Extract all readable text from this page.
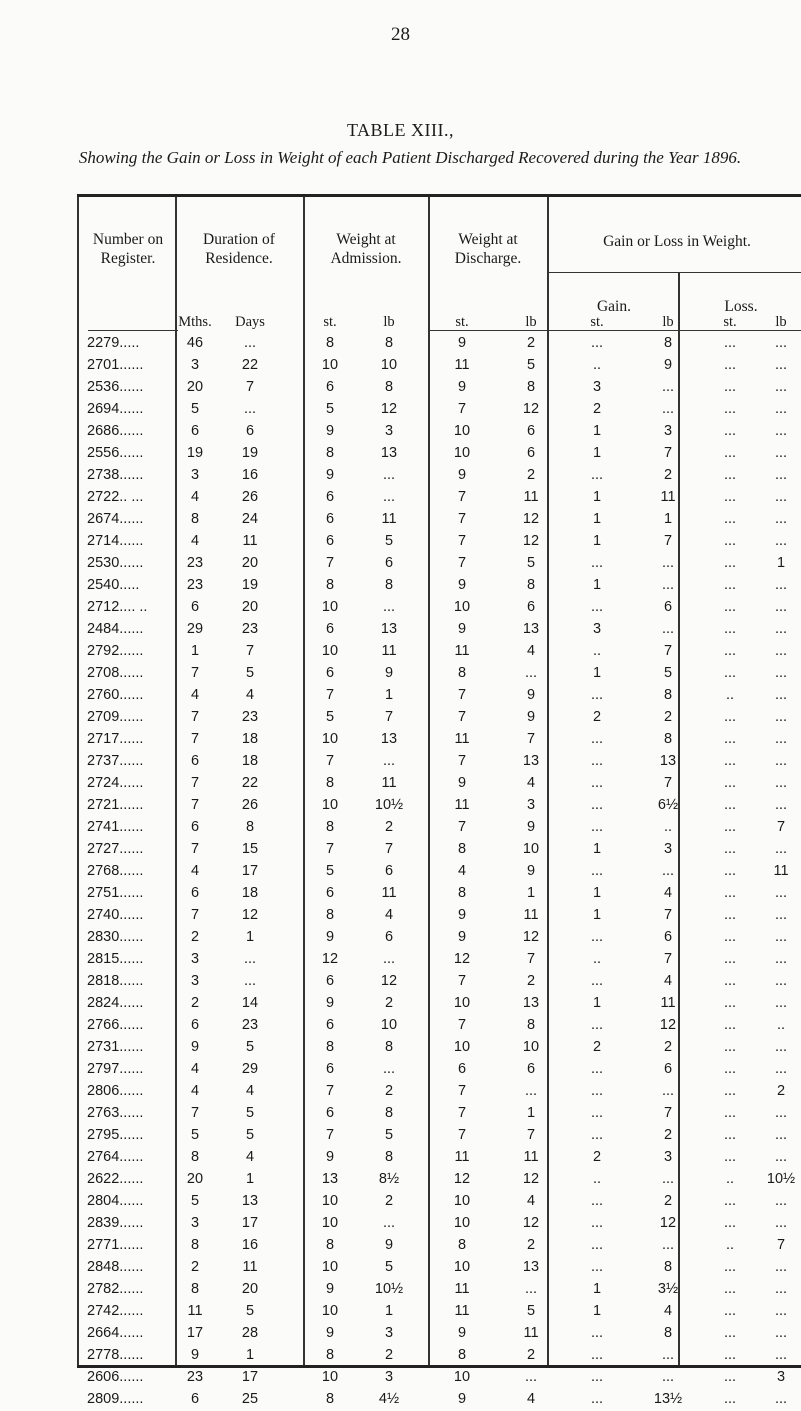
28
TABLE XIII.,
Showing the Gain or Loss in Weight of each Patient Discharged Recovered during the Year 1896.
Number on Register.
Duration of Residence.
Weight at Admission.
Weight at Discharge.
Gain or Loss in Weight.
Gain.	Loss.
Mths.	Days	st.	lb	st.	lb	st.	lb	st.	lb
2279.....	46	...	8	8	9	2	...	8	...	...
2701......	3	22	10	10	11	5	..	9	...	...
2536......	20	7	6	8	9	8	3	...	...	...
2694......	5	...	5	12	7	12	2	...	...	...
2686......	6	6	9	3	10	6	1	3	...	...
2556......	19	19	8	13	10	6	1	7	...	...
2738......	3	16	9	...	9	2	...	2	...	...
2722.. ...	4	26	6	...	7	11	1	11	...	...
2674......	8	24	6	11	7	12	1	1	...	...
2714......	4	11	6	5	7	12	1	7	...	...
2530......	23	20	7	6	7	5	...	...	...	1
2540.....	23	19	8	8	9	8	1	...	...	...
2712.... ..	6	20	10	...	10	6	...	6	...	...
2484......	29	23	6	13	9	13	3	...	...	...
2792......	1	7	10	11	11	4	..	7	...	...
2708......	7	5	6	9	8	...	1	5	...	...
2760......	4	4	7	1	7	9	...	8	..	...
2709......	7	23	5	7	7	9	2	2	...	...
2717......	7	18	10	13	11	7	...	8	...	...
2737......	6	18	7	...	7	13	...	13	...	...
2724......	7	22	8	11	9	4	...	7	...	...
2721......	7	26	10	10½	11	3	...	6½	...	...
2741......	6	8	8	2	7	9	...	..	...	7
2727......	7	15	7	7	8	10	1	3	...	...
2768......	4	17	5	6	4	9	...	...	...	11
2751......	6	18	6	11	8	1	1	4	...	...
2740......	7	12	8	4	9	11	1	7	...	...
2830......	2	1	9	6	9	12	...	6	...	...
2815......	3	...	12	...	12	7	..	7	...	...
2818......	3	...	6	12	7	2	...	4	...	...
2824......	2	14	9	2	10	13	1	11	...	...
2766......	6	23	6	10	7	8	...	12	...	..
2731......	9	5	8	8	10	10	2	2	...	...
2797......	4	29	6	...	6	6	...	6	...	...
2806......	4	4	7	2	7	...	...	...	...	2
2763......	7	5	6	8	7	1	...	7	...	...
2795......	5	5	7	5	7	7	...	2	...	...
2764......	8	4	9	8	11	11	2	3	...	...
2622......	20	1	13	8½	12	12	..	...	..	10½
2804......	5	13	10	2	10	4	...	2	...	...
2839......	3	17	10	...	10	12	...	12	...	...
2771......	8	16	8	9	8	2	...	...	..	7
2848......	2	11	10	5	10	13	...	8	...	...
2782......	8	20	9	10½	11	...	1	3½	...	...
2742......	11	5	10	1	11	5	1	4	...	...
2664......	17	28	9	3	9	11	...	8	...	...
2778......	9	1	8	2	8	2	...	...	...	...
2606......	23	17	10	3	10	...	...	...	...	3
2809......	6	25	8	4½	9	4	...	13½	...	...
